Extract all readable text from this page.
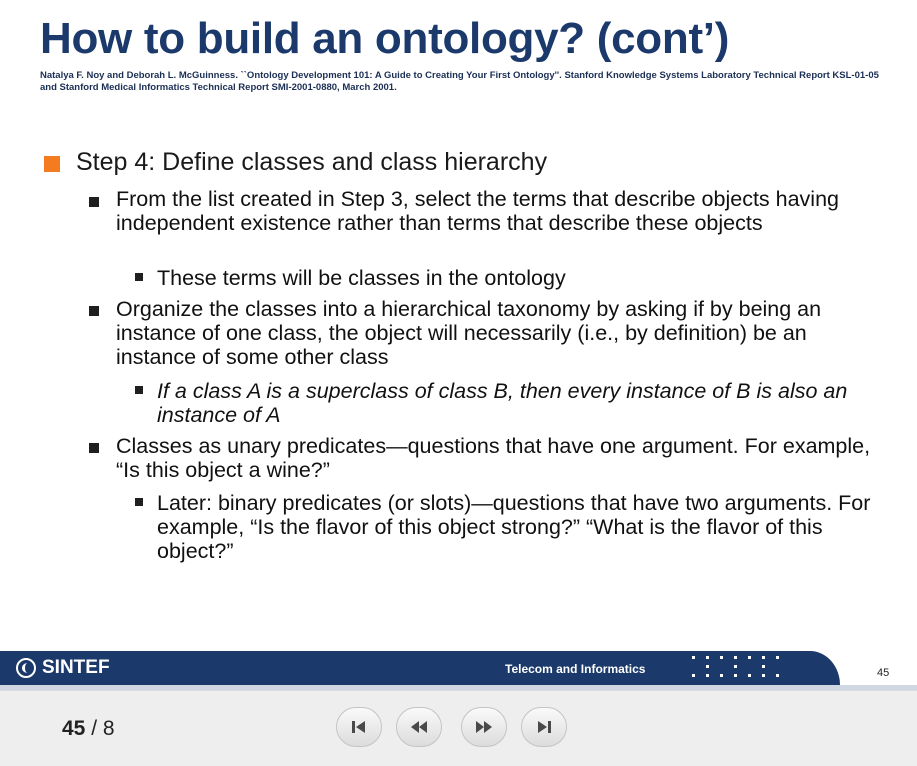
How to build an ontology? (cont’)
Natalya F. Noy and Deborah L. McGuinness. ``Ontology Development 101: A Guide to Creating Your First Ontology''. Stanford Knowledge Systems Laboratory Technical Report KSL-01-05 and Stanford Medical Informatics Technical Report SMI-2001-0880, March 2001.
Step 4: Define classes and class hierarchy
From the list created in Step 3, select the terms that describe objects having independent existence rather than terms that describe these objects
These terms will be classes in the ontology
Organize the classes into a hierarchical taxonomy by asking if by being an instance of one class, the object will necessarily (i.e., by definition) be an instance of some other class
If a class A is a superclass of class B, then every instance of B is also an instance of A
Classes as unary predicates—questions that have one argument. For example, “Is this object a wine?”
Later: binary predicates (or slots)—questions that have two arguments. For example, “Is the flavor of this object strong?” “What is the flavor of this object?”
SINTEF	Telecom and Informatics	45
45 / 8
